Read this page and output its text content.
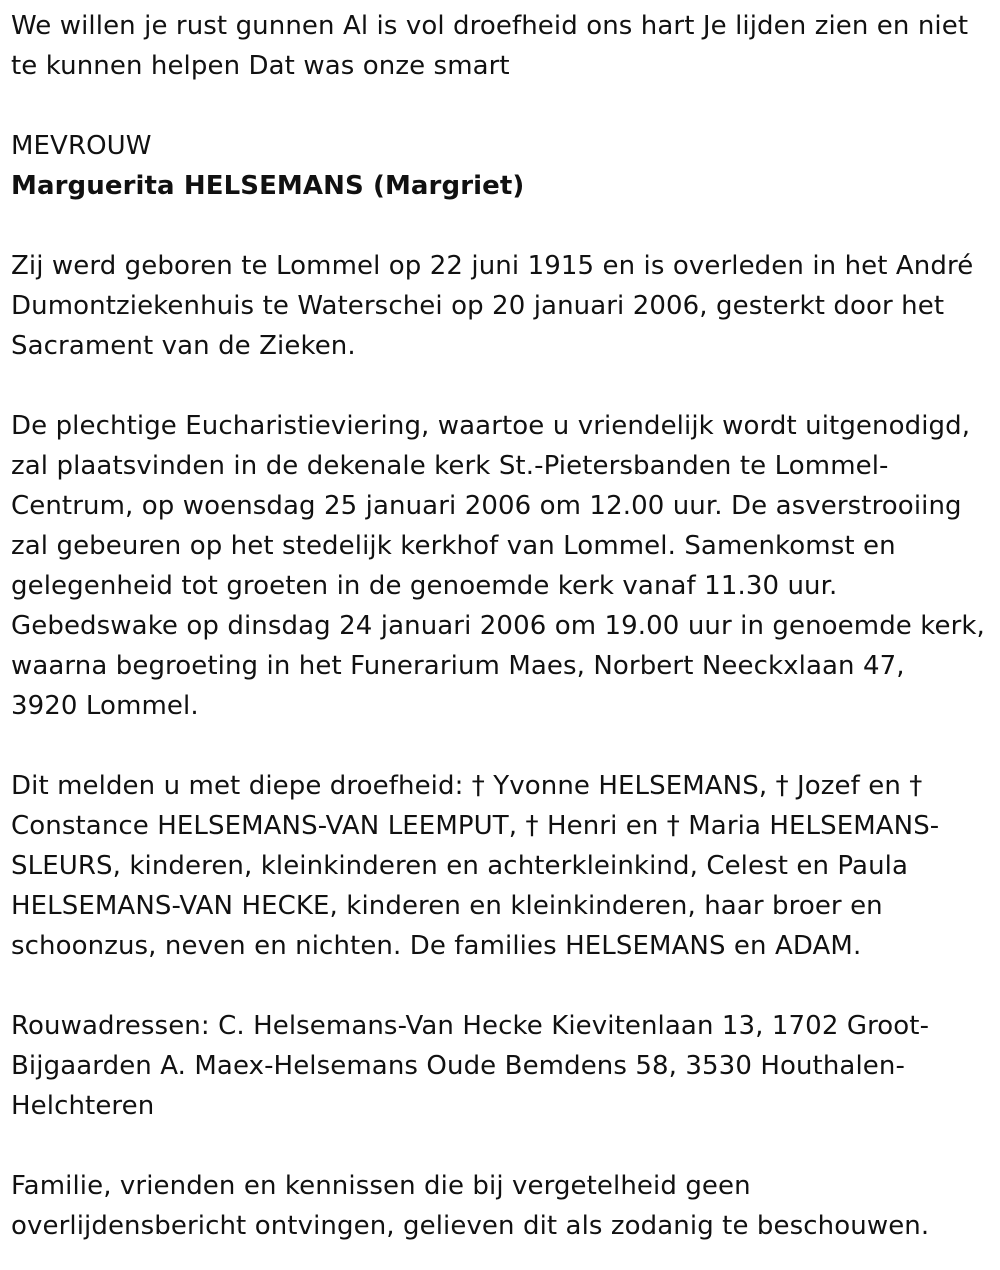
We willen je rust gunnen Al is vol droefheid ons hart Je lijden zien en niet
te kunnen helpen Dat was onze smart

MEVROUW

Marguerita HELSEMANS (Margriet)

Zij werd geboren te Lommel op 22 juni 1915 en is overleden in het André
Dumontziekenhuis te Waterschei op 20 januari 2006, gesterkt door het
Sacrament van de Zieken.

De plechtige Eucharistieviering, waartoe u vriendelijk wordt uitgenodigd,
zal plaatsvinden in de dekenale kerk St.-Pietersbanden te Lommel-
Centrum, op woensdag 25 januari 2006 om 12.00 uur. De asverstrooiing
zal gebeuren op het stedelijk kerkhof van Lommel. Samenkomst en
gelegenheid tot groeten in de genoemde kerk vanaf 11.30 uur.
Gebedswake op dinsdag 24 januari 2006 om 19.00 uur in genoemde kerk,
waarna begroeting in het Funerarium Maes, Norbert Neeckxlaan 47,
3920 Lommel.

Dit melden u met diepe droefheid: † Yvonne HELSEMANS, † Jozef en †
Constance HELSEMANS-VAN LEEMPUT, † Henri en † Maria HELSEMANS-
SLEURS, kinderen, kleinkinderen en achterkleinkind, Celest en Paula
HELSEMANS-VAN HECKE, kinderen en kleinkinderen, haar broer en
schoonzus, neven en nichten. De families HELSEMANS en ADAM.

Rouwadressen: C. Helsemans-Van Hecke Kievitenlaan 13, 1702 Groot-
Bijgaarden A. Maex-Helsemans Oude Bemdens 58, 3530 Houthalen-
Helchteren

Familie, vrienden en kennissen die bij vergetelheid geen
overlijdensbericht ontvingen, gelieven dit als zodanig te beschouwen.
